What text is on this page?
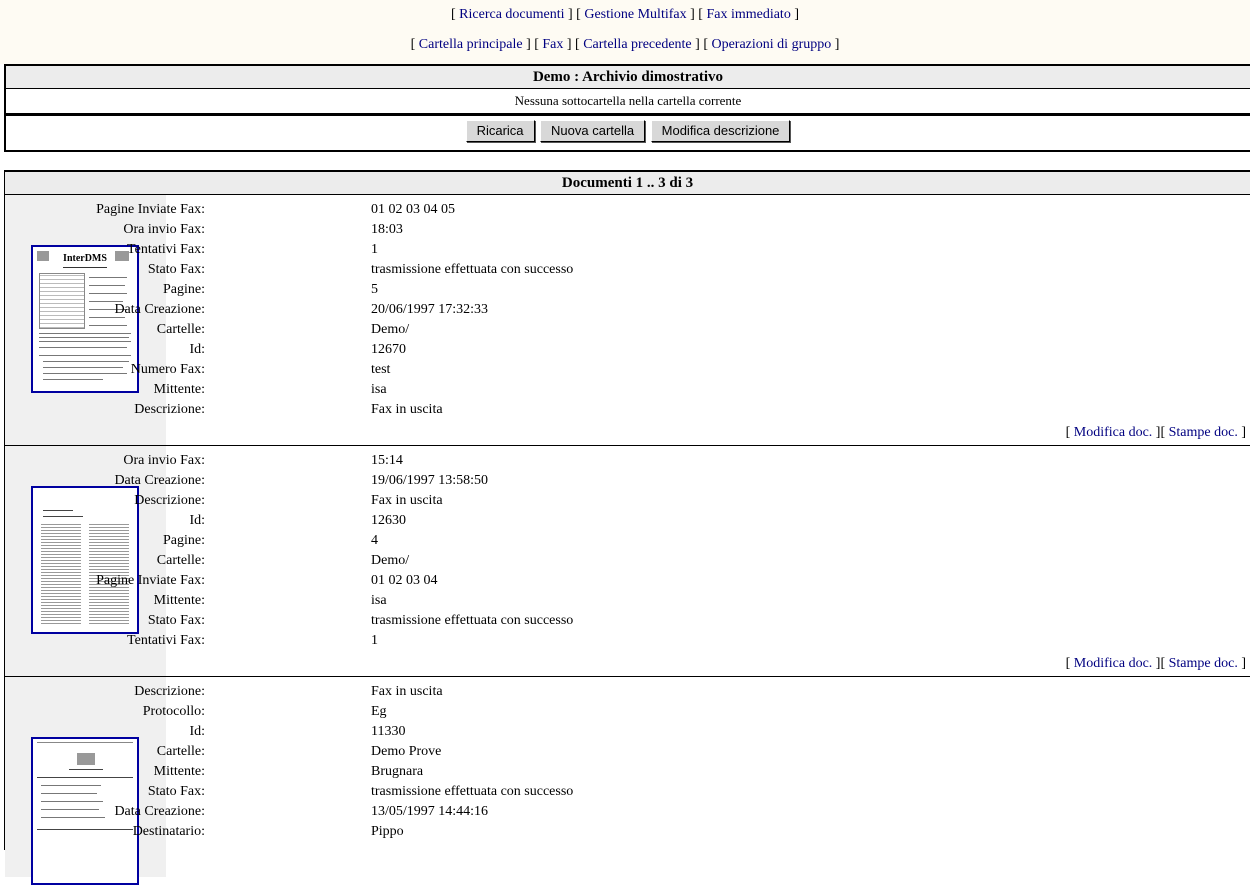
[ Ricerca documenti ] [ Gestione Multifax ] [ Fax immediato ]
[ Cartella principale ] [ Fax ] [ Cartella precedente ] [ Operazioni di gruppo ]
Demo : Archivio dimostrativo
Nessuna sottocartella nella cartella corrente
Ricarica Nuova cartella Modifica descrizione
Documenti 1 .. 3 di 3
InterDMS
Pagine Inviate Fax:	01 02 03 04 05
Ora invio Fax:	18:03
Tentativi Fax:	1
Stato Fax:	trasmissione effettuata con successo
Pagine:	5
Data Creazione:	20/06/1997 17:32:33
Cartelle:	Demo/
Id:	12670
Numero Fax:	test
Mittente:	isa
Descrizione:	Fax in uscita
[ Modifica doc. ][ Stampe doc. ]
Ora invio Fax:	15:14
Data Creazione:	19/06/1997 13:58:50
Descrizione:	Fax in uscita
Id:	12630
Pagine:	4
Cartelle:	Demo/
Pagine Inviate Fax:	01 02 03 04
Mittente:	isa
Stato Fax:	trasmissione effettuata con successo
Tentativi Fax:	1
[ Modifica doc. ][ Stampe doc. ]
Descrizione:	Fax in uscita
Protocollo:	Eg
Id:	11330
Cartelle:	Demo Prove
Mittente:	Brugnara
Stato Fax:	trasmissione effettuata con successo
Data Creazione:	13/05/1997 14:44:16
Destinatario:	Pippo
